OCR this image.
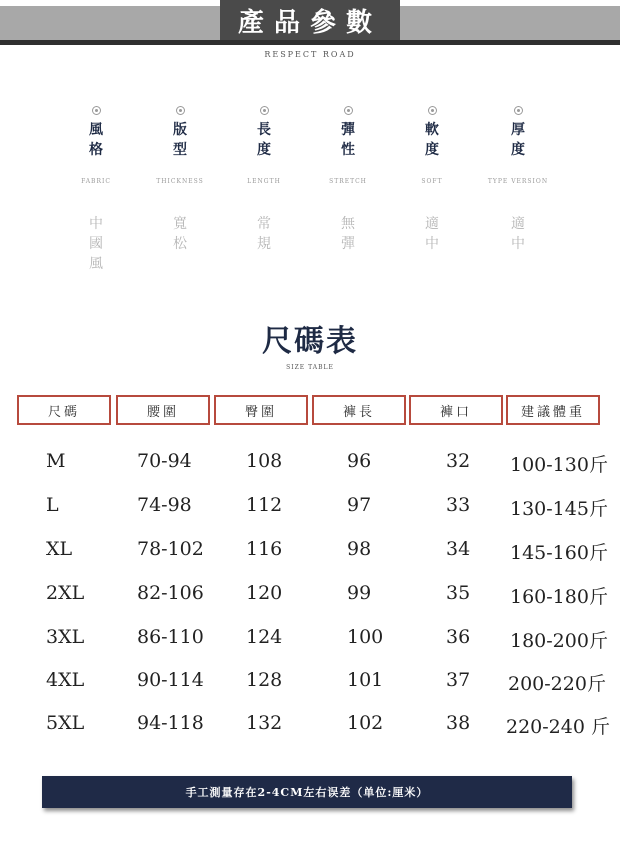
產品參數
RESPECT ROAD
風格
FABRIC
中國風
版型
THICKNESS
寬松
長度
LENGTH
常規
彈性
STRETCH
無彈
軟度
SOFT
適中
厚度
TYPE VERSION
適中
尺碼表
SIZE TABLE
尺碼	腰圍	臀圍	褲長	褲口	建議體重
M	70-94	108	96	32 100-130斤
L	74-98	112	97	33 130-145斤
XL	78-102 116	98	34 145-160斤
2XL	82-106 120	99	35 160-180斤
3XL	86-110 124	100	36 180-200斤
4XL	90-114 128	101	37 200-220斤
5XL	94-118 132	102	38 220-240 斤
手工測量存在2-4CM左右误差（单位:厘米）
